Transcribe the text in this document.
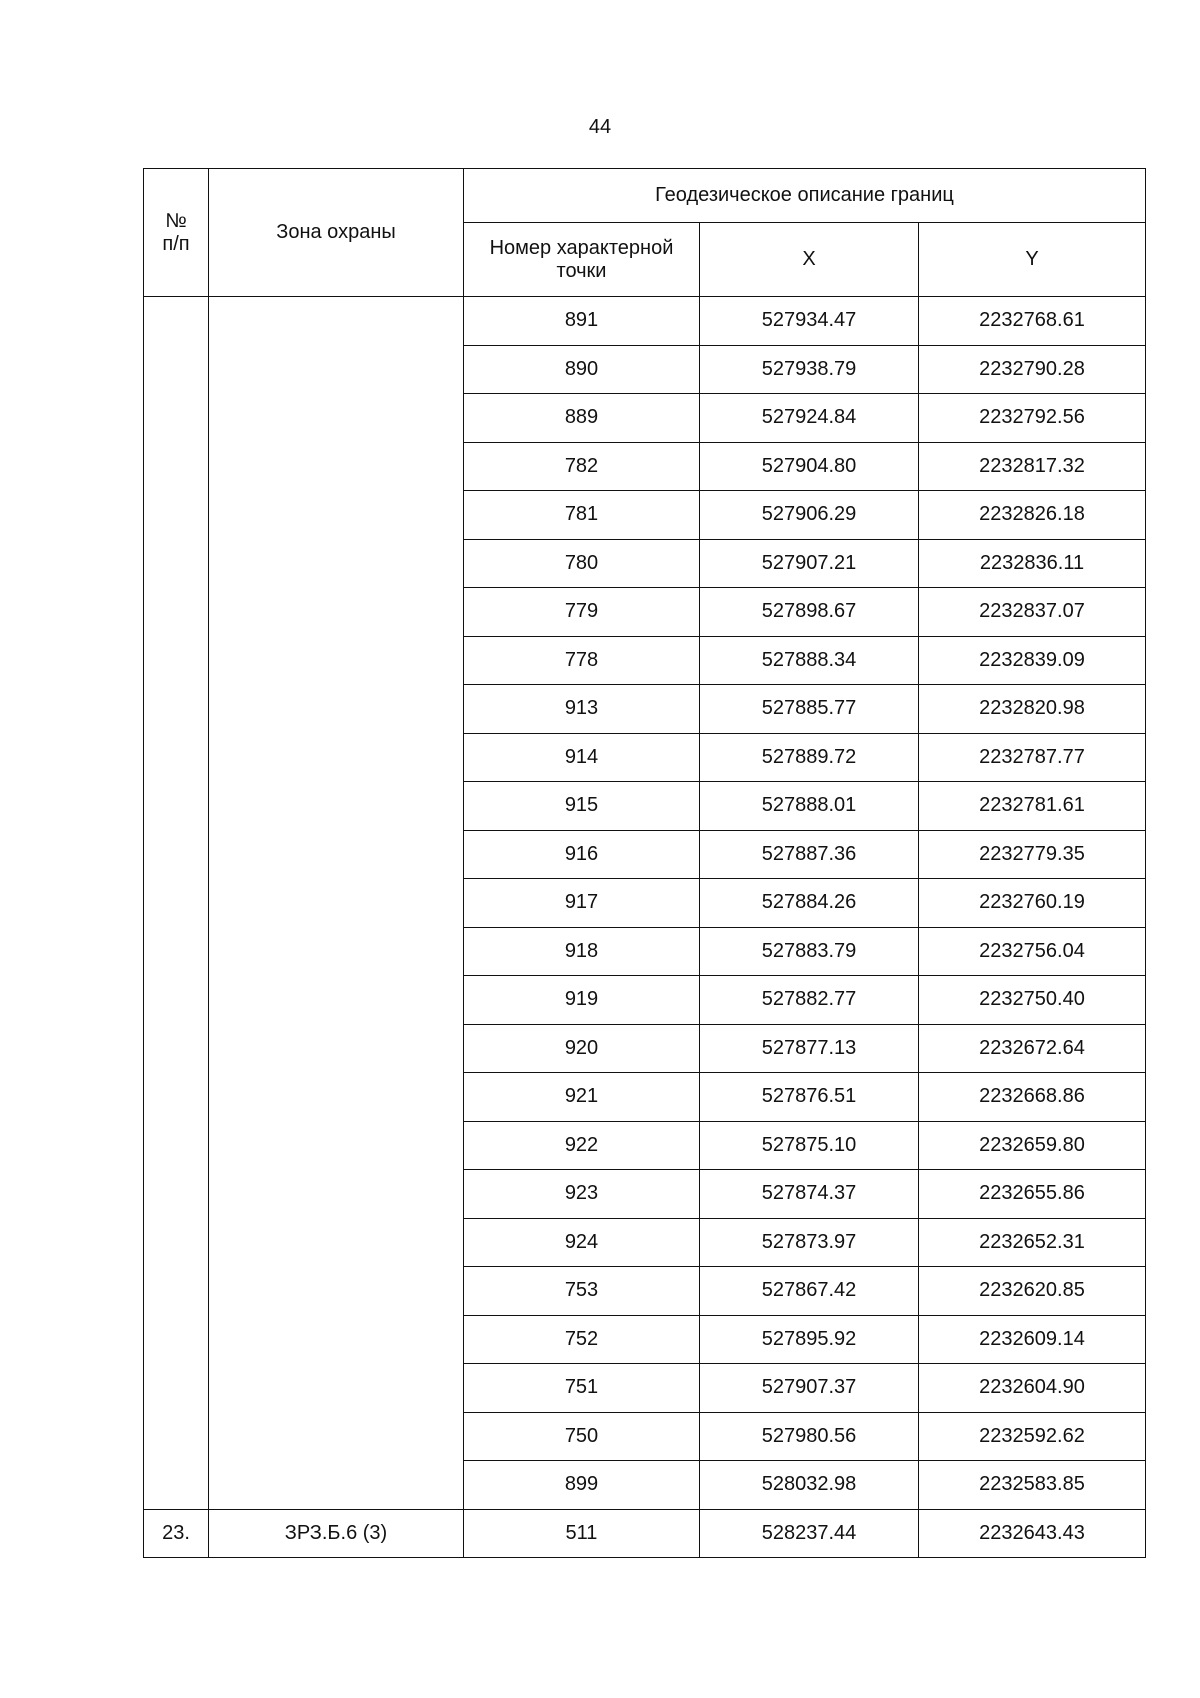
44
№
п/п	Зона охраны	Геодезическое описание границ		
		Номер характерной точки	X	Y
		891	527934.47	2232768.61
		890	527938.79	2232790.28
		889	527924.84	2232792.56
		782	527904.80	2232817.32
		781	527906.29	2232826.18
		780	527907.21	2232836.11
		779	527898.67	2232837.07
		778	527888.34	2232839.09
		913	527885.77	2232820.98
		914	527889.72	2232787.77
		915	527888.01	2232781.61
		916	527887.36	2232779.35
		917	527884.26	2232760.19
		918	527883.79	2232756.04
		919	527882.77	2232750.40
		920	527877.13	2232672.64
		921	527876.51	2232668.86
		922	527875.10	2232659.80
		923	527874.37	2232655.86
		924	527873.97	2232652.31
		753	527867.42	2232620.85
		752	527895.92	2232609.14
		751	527907.37	2232604.90
		750	527980.56	2232592.62
		899	528032.98	2232583.85
23.	ЗРЗ.Б.6 (3)	511	528237.44	2232643.43
